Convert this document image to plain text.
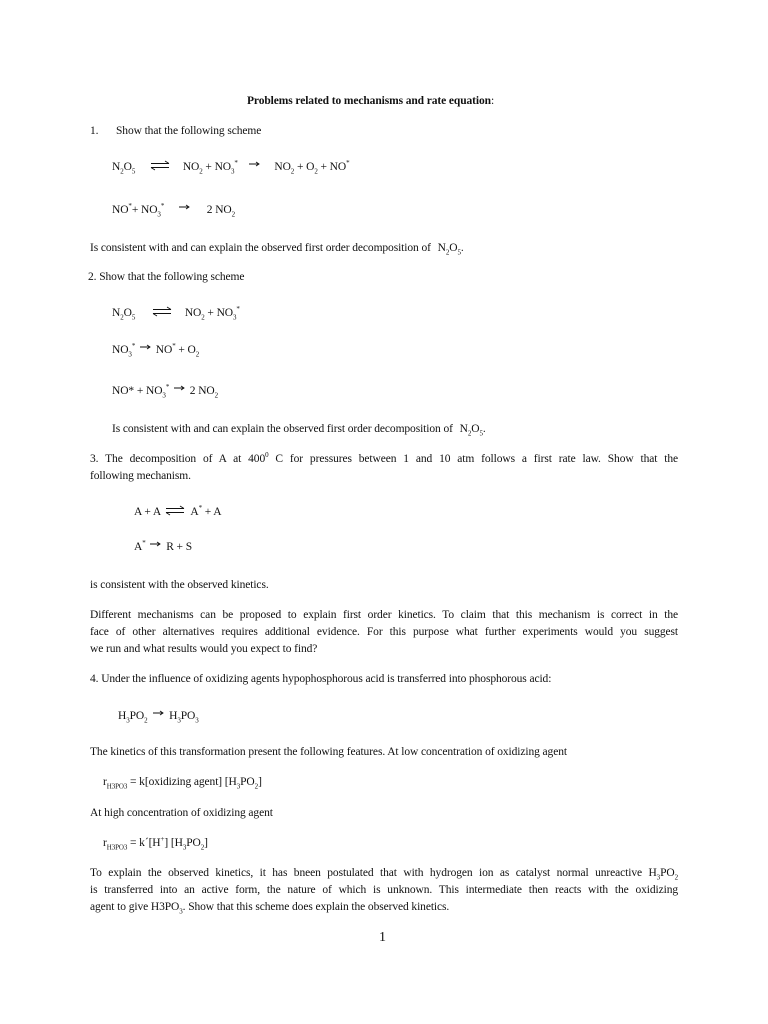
Problems related to mechanisms and rate equation:
1. Show that the following scheme
$N_2O_5$ ⇌ $NO_2 + NO_3^* \to NO_2 + O_2 + NO^*$
$NO^*+ NO_3^* \to 2$ $NO_2$
Is consistent with and can explain the observed first order decomposition of $N_2O_5$.
2. Show that the following scheme
$N_2O_5$ ⇌ $NO_2 + NO_3^*$
$NO_3^* \to NO^* + O_2$
$NO* + NO_3^* \to 2$ $NO_2$
Is consistent with and can explain the observed first order decomposition of $N_2O_5$.
3. The decomposition of A at $400^0$ C for pressures between 1 and 10 atm follows a first rate law. Show that the
following mechanism.
A + A ⇌ A* + A
A* → R + S
is consistent with the observed kinetics.
Different mechanisms can be proposed to explain first order kinetics. To claim that this mechanism is correct in the
face of other alternatives requires additional evidence. For this purpose what further experiments would you suggest
we run and what results would you expect to find?
4. Under the influence of oxidizing agents hypophosphorous acid is transferred into phosphorous acid:
$H_3PO_2 \to H_3PO_3$
The kinetics of this transformation present the following features. At low concentration of oxidizing agent
$r_{H3PO3}$ = k[oxidizing agent] $[H_3PO_2]$
At high concentration of oxidizing agent
$r_{H3PO3}$ = k´[H+] $[H_3PO_2]$
To explain the observed kinetics, it has bneen postulated that with hydrogen ion as catalyst normal unreactive $H_3PO_2$
is transferred into an active form, the nature of which is unknown. This intermediate then reacts with the oxidizing
agent to give $H3PO_3$. Show that this scheme does explain the observed kinetics.
1
